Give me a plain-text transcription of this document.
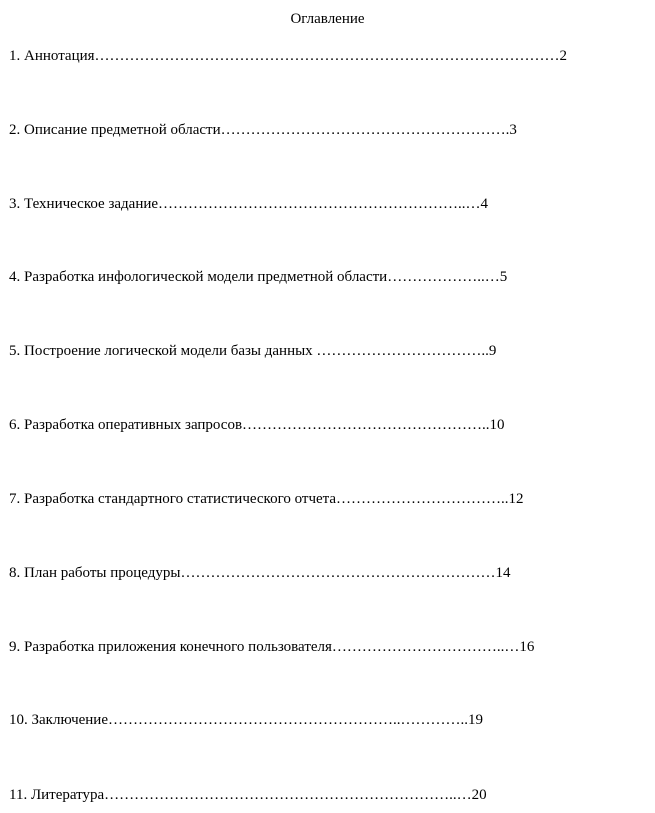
Оглавление

1. Аннотация…………………………………………………………………………………2

2. Описание предметной области………………………………………………….3

3. Техническое задание……………………………………………………..…4

4. Разработка инфологической модели предметной области………………..…5

5. Построение логической модели базы данных ……………………………..9

6. Разработка оперативных запросов…………………………………………..10

7. Разработка стандартного статистического отчета……………………………..12

8. План работы процедуры………………………………………………………14

9. Разработка приложения конечного пользователя……………………………..…16

10. Заключение…………………………………………………..…………..19

11. Литература……………………………………………………………..…20
